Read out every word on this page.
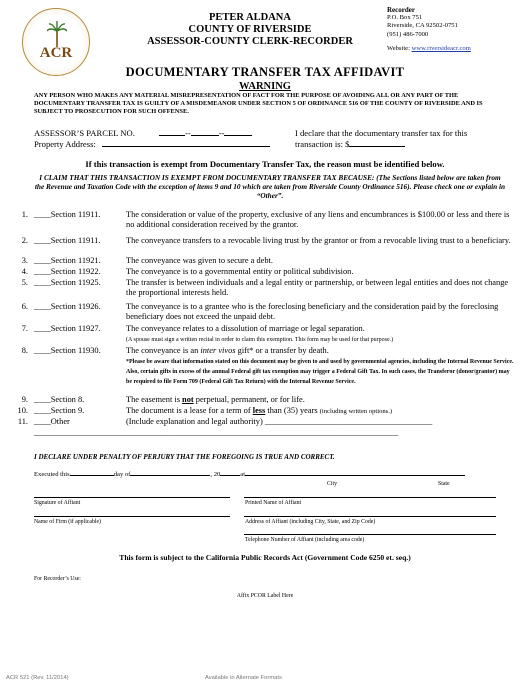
ACR
PETER ALDANA
COUNTY OF RIVERSIDE
ASSESSOR-COUNTY CLERK-RECORDER
Recorder
P.O. Box 751
Riverside, CA 92502-0751
(951) 486-7000
Website: www.riversideacr.com
DOCUMENTARY TRANSFER TAX AFFIDAVIT
WARNING
ANY PERSON WHO MAKES ANY MATERIAL MISREPRESENTATION OF FACT FOR THE PURPOSE OF AVOIDING ALL OR ANY PART OF THE DOCUMENTARY TRANSFER TAX IS GUILTY OF A MISDEMEANOR UNDER SECTION 5 OF ORDINANCE 516 OF THE COUNTY OF RIVERSIDE AND IS SUBJECT TO PROSECUTION FOR SUCH OFFENSE.
ASSESSOR’S PARCEL NO.	--	--
Property Address:
I declare that the documentary transfer tax for this
transaction is: $
If this transaction is exempt from Documentary Transfer Tax, the reason must be identified below.
I CLAIM THAT THIS TRANSACTION IS EXEMPT FROM DOCUMENTARY TRANSFER TAX BECAUSE: (The Sections listed below are taken from the Revenue and Taxation Code with the exception of items 9 and 10 which are taken from Riverside County Ordinance 516). Please check one or explain in “Other”.
1. ____Section 11911.	The consideration or value of the property, exclusive of any liens and encumbrances is $100.00 or less and there is no additional consideration received by the grantor.
2. ____Section 11911.	The conveyance transfers to a revocable living trust by the grantor or from a revocable living trust to a beneficiary.
3. ____Section 11921.	The conveyance was given to secure a debt.
4. ____Section 11922.	The conveyance is to a governmental entity or political subdivision.
5. ____Section 11925.	The transfer is between individuals and a legal entity or partnership, or between legal entities and does not change the proportional interests held.
6. ____Section 11926.	The conveyance is to a grantee who is the foreclosing beneficiary and the consideration paid by the foreclosing beneficiary does not exceed the unpaid debt.
7. ____Section 11927.	The conveyance relates to a dissolution of marriage or legal separation.
(A spouse must sign a written recital in order to claim this exemption. This form may be used for that purpose.)
8. ____Section 11930.	The conveyance is an inter vivos gift* or a transfer by death.
*Please be aware that information stated on this document may be given to and used by governmental agencies, including the Internal Revenue Service. Also, certain gifts in excess of the annual Federal gift tax exemption may trigger a Federal Gift Tax. In such cases, the Transferor (donor/grantor) may be required to file Form 709 (Federal Gift Tax Return) with the Internal Revenue Service.
9. ____Section 8.	The easement is not perpetual, permanent, or for life.
10. ____Section 9.	The document is a lease for a term of less than (35) years (including written options.)
11. ____Other	(Include explanation and legal authority) ________________________________________
_______________________________________________________________________________________
I DECLARE UNDER PENALTY OF PERJURY THAT THE FOREGOING IS TRUE AND CORRECT.
Executed this	day of	, 20	at
City	State
Signature of Affiant	Printed Name of Affiant
Name of Firm (if applicable)	Address of Affiant (including City, State, and Zip Code)
Telephone Number of Affiant (including area code)
This form is subject to the California Public Records Act (Government Code 6250 et. seq.)
For Recorder’s Use:
Affix PCOR Label Here
ACR 521 (Rev. 11/2014)	Available in Alternate Formats
